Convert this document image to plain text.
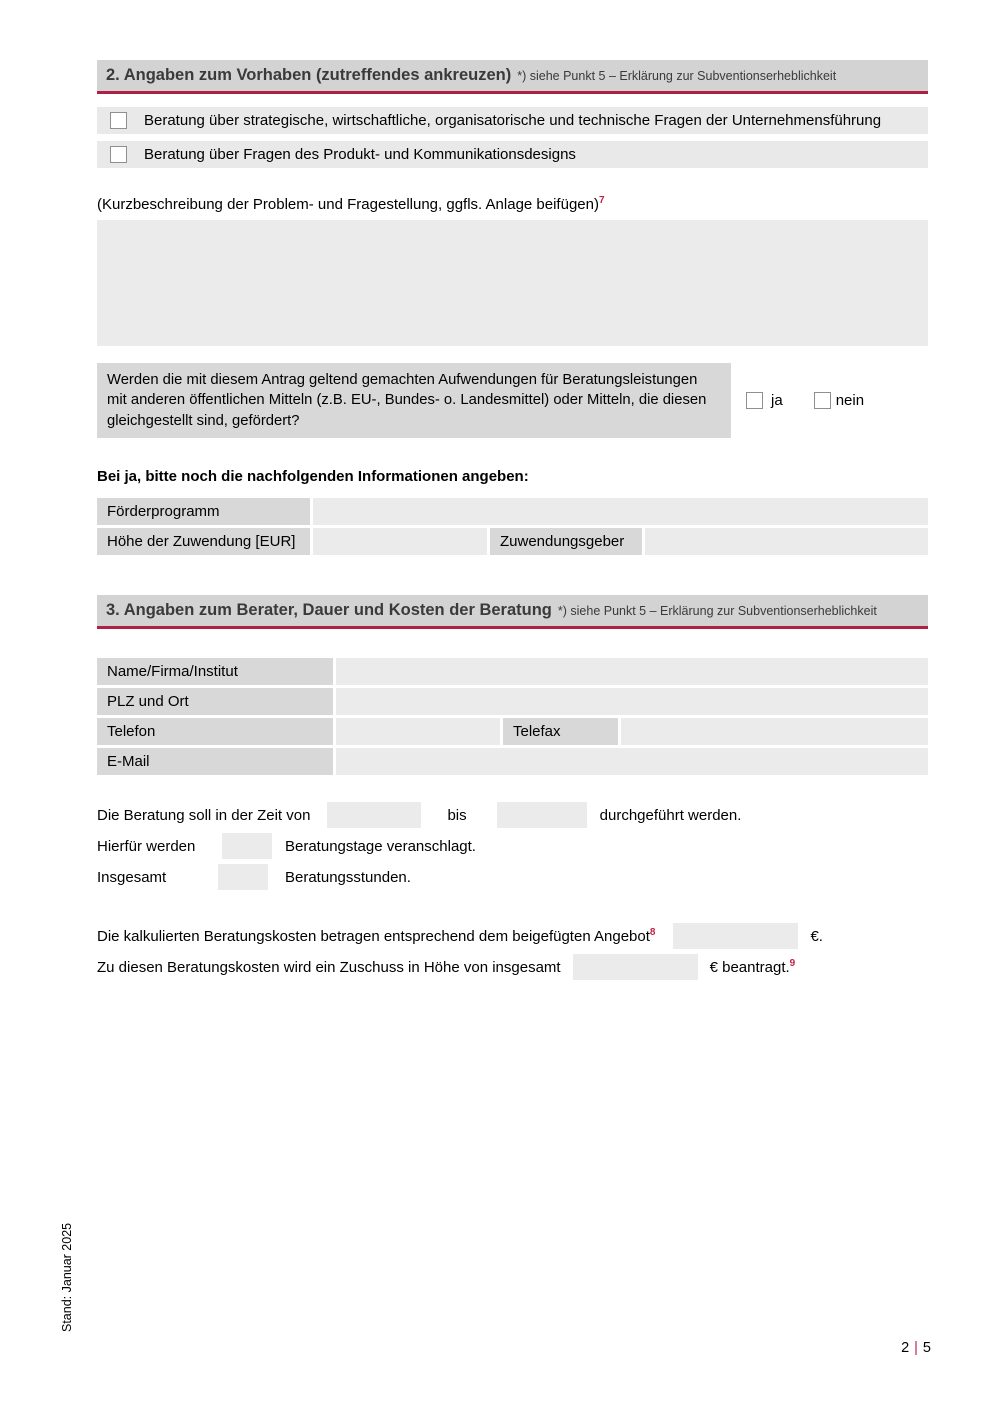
2. Angaben zum Vorhaben (zutreffendes ankreuzen) *) siehe Punkt 5 – Erklärung zur Subventionserheblichkeit
Beratung über strategische, wirtschaftliche, organisatorische und technische Fragen der Unternehmensführung
Beratung über Fragen des Produkt- und Kommunikationsdesigns

(Kurzbeschreibung der Problem- und Fragestellung, ggfls. Anlage beifügen)$^7$

Werden die mit diesem Antrag geltend gemachten Aufwendungen für Beratungsleistungen mit anderen öffentlichen Mitteln (z.B. EU-, Bundes- o. Landesmittel) oder Mitteln, die diesen gleichgestellt sind, gefördert?
ja	nein

Bei ja, bitte noch die nachfolgenden Informationen angeben:

Förderprogramm
Höhe der Zuwendung [EUR]	Zuwendungsgeber
3. Angaben zum Berater, Dauer und Kosten der Beratung *) siehe Punkt 5 – Erklärung zur Subventionserheblichkeit
Name/Firma/Institut
PLZ und Ort
Telefon	Telefax
E-Mail
Die Beratung soll in der Zeit von	bis	durchgeführt werden.
Hierfür werden	Beratungstage veranschlagt.
Insgesamt	Beratungsstunden.
Die kalkulierten Beratungskosten betragen entsprechend dem beigefügten Angebot$^8$	€.
Zu diesen Beratungskosten wird ein Zuschuss in Höhe von insgesamt	€ beantragt.$^9$
Stand: Januar 2025
2 | 5
